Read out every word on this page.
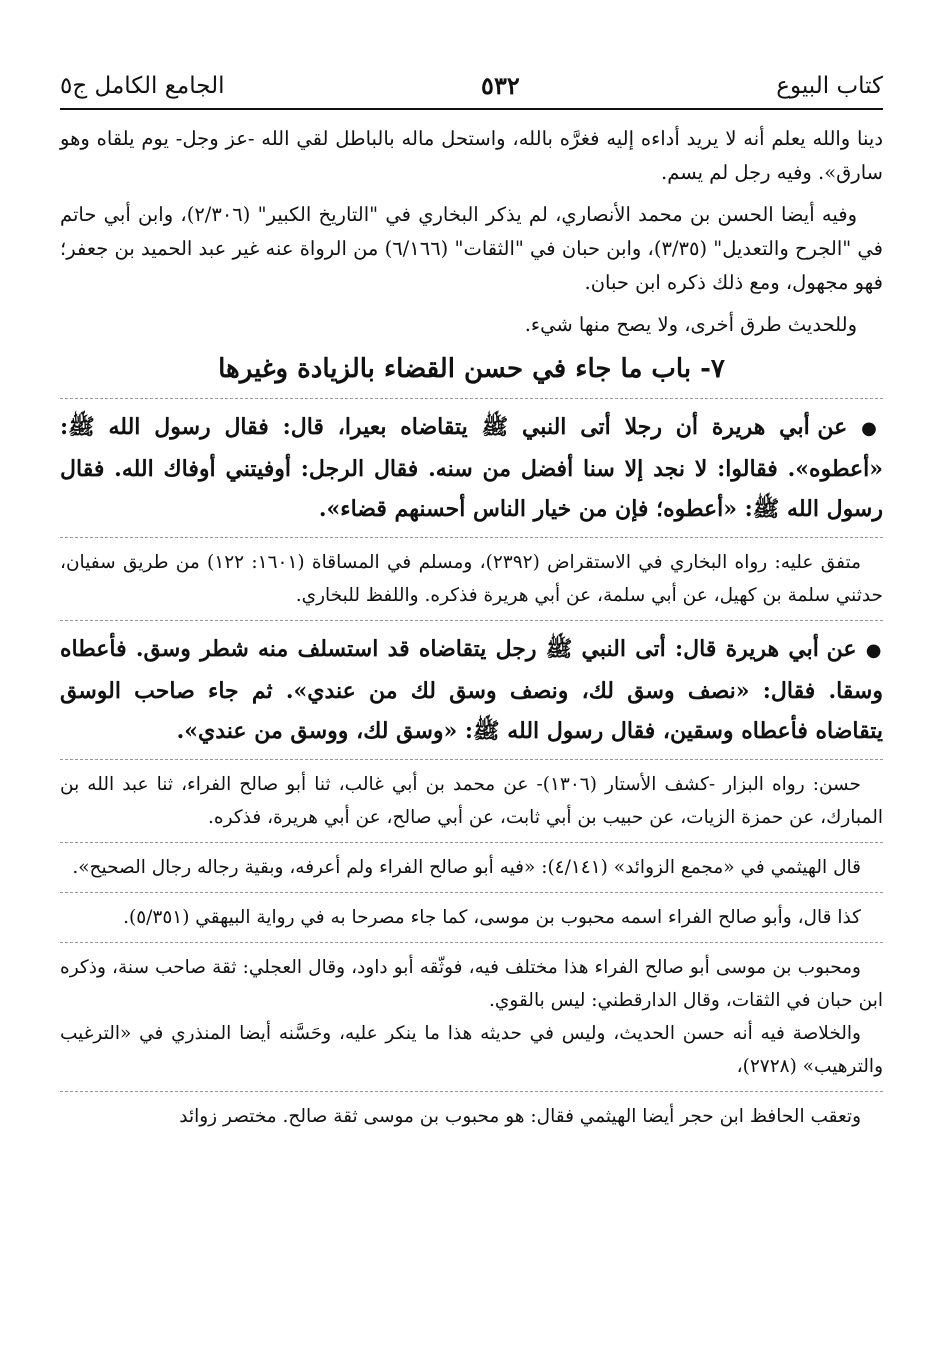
كتاب البيوع
٥٣٢
الجامع الكامل ج٥

دينا والله يعلم أنه لا يريد أداءه إليه فغرَّه بالله، واستحل ماله بالباطل لقي الله -عز وجل- يوم يلقاه وهو سارق». وفيه رجل لم يسم.

وفيه أيضا الحسن بن محمد الأنصاري، لم يذكر البخاري في "التاريخ الكبير" (٢/٣٠٦)، وابن أبي حاتم في "الجرح والتعديل" (٣/٣٥)، وابن حبان في "الثقات" (٦/١٦٦) من الرواة عنه غير عبد الحميد بن جعفر؛ فهو مجهول، ومع ذلك ذكره ابن حبان.

وللحديث طرق أخرى، ولا يصح منها شيء.

٧- باب ما جاء في حسن القضاء بالزيادة وغيرها

● عن أبي هريرة أن رجلا أتى النبي ﷺ يتقاضاه بعيرا، قال: فقال رسول الله ﷺ: «أعطوه». فقالوا: لا نجد إلا سنا أفضل من سنه. فقال الرجل: أوفيتني أوفاك الله. فقال رسول الله ﷺ: «أعطوه؛ فإن من خيار الناس أحسنهم قضاء».

متفق عليه: رواه البخاري في الاستقراض (٢٣٩٢)، ومسلم في المساقاة (١٦٠١: ١٢٢) من طريق سفيان، حدثني سلمة بن كهيل، عن أبي سلمة، عن أبي هريرة فذكره. واللفظ للبخاري.

● عن أبي هريرة قال: أتى النبي ﷺ رجل يتقاضاه قد استسلف منه شطر وسق. فأعطاه وسقا. فقال: «نصف وسق لك، ونصف وسق لك من عندي». ثم جاء صاحب الوسق يتقاضاه فأعطاه وسقين، فقال رسول الله ﷺ: «وسق لك، ووسق من عندي».

حسن: رواه البزار -كشف الأستار (١٣٠٦)- عن محمد بن أبي غالب، ثنا أبو صالح الفراء، ثنا عبد الله بن المبارك، عن حمزة الزيات، عن حبيب بن أبي ثابت، عن أبي صالح، عن أبي هريرة، فذكره.

قال الهيثمي في «مجمع الزوائد» (٤/١٤١): «فيه أبو صالح الفراء ولم أعرفه، وبقية رجاله رجال الصحيح».

كذا قال، وأبو صالح الفراء اسمه محبوب بن موسى، كما جاء مصرحا به في رواية البيهقي (٥/٣٥١).

ومحبوب بن موسى أبو صالح الفراء هذا مختلف فيه، فوثّقه أبو داود، وقال العجلي: ثقة صاحب سنة، وذكره ابن حبان في الثقات، وقال الدارقطني: ليس بالقوي.

والخلاصة فيه أنه حسن الحديث، وليس في حديثه هذا ما ينكر عليه، وحَسَّنه أيضا المنذري في «الترغيب والترهيب» (٢٧٢٨)،

وتعقب الحافظ ابن حجر أيضا الهيثمي فقال: هو محبوب بن موسى ثقة صالح. مختصر زوائد
